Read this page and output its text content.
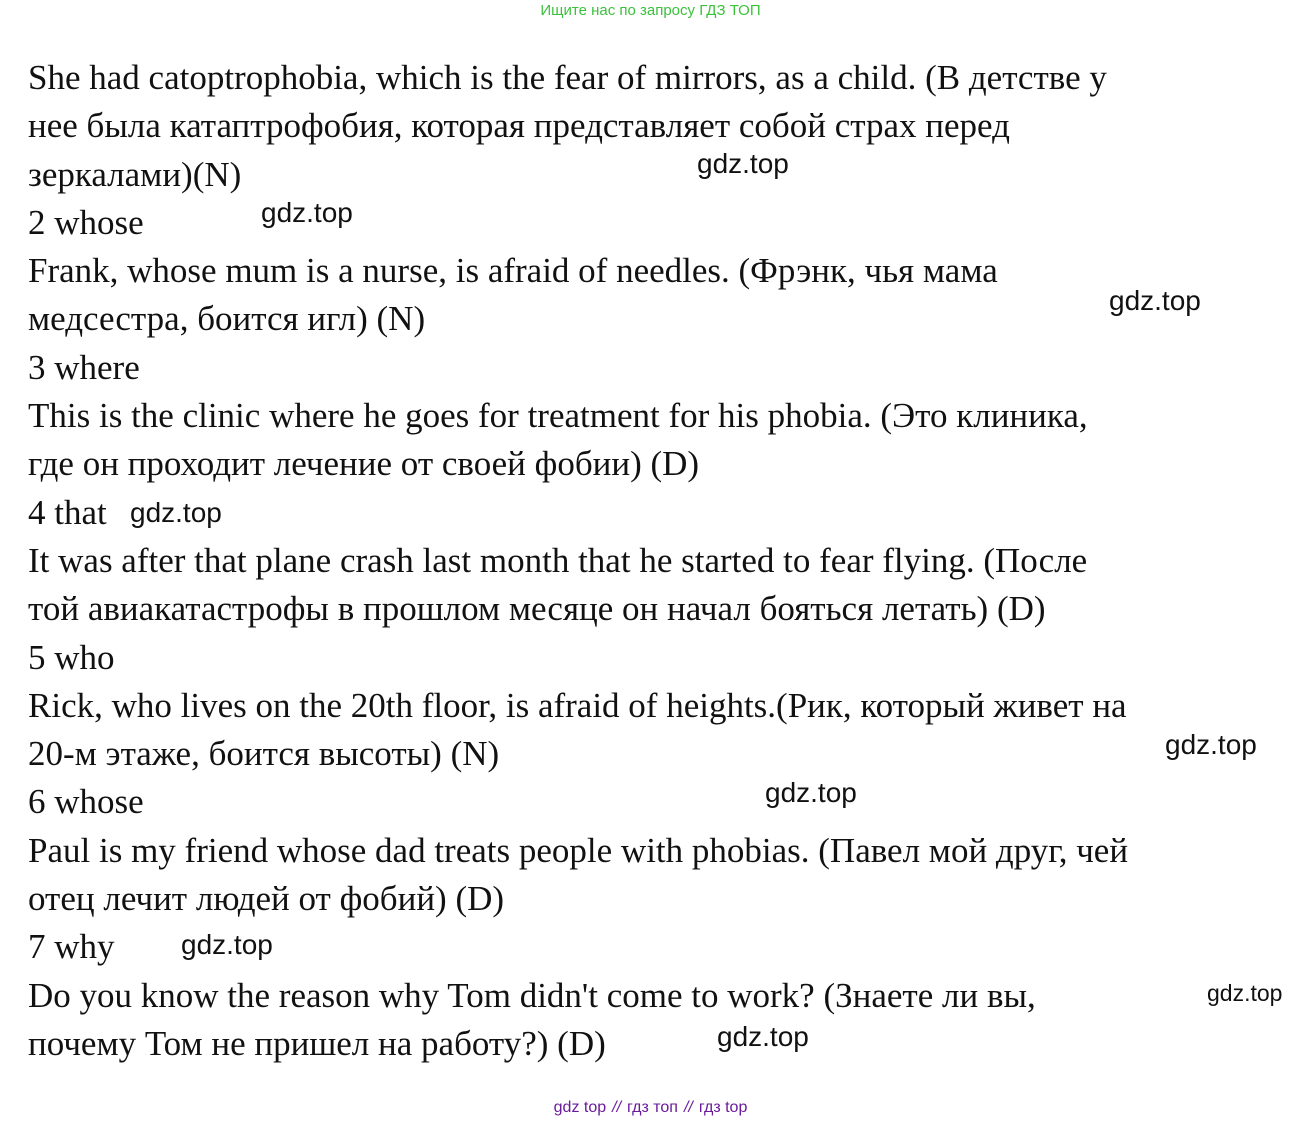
Ищите нас по запросу ГДЗ ТОП
She had catoptrophobia, which is the fear of mirrors, as a child. (В детстве у
нее была катаптрофобия, которая представляет собой страх перед
зеркалами)(N)
2 whose
Frank, whose mum is a nurse, is afraid of needles. (Фрэнк, чья мама
медсестра, боится игл) (N)
3 where
This is the clinic where he goes for treatment for his phobia. (Это клиника,
где он проходит лечение от своей фобии) (D)
4 that
It was after that plane crash last month that he started to fear flying. (После
той авиакатастрофы в прошлом месяце он начал бояться летать) (D)
5 who
Rick, who lives on the 20th floor, is afraid of heights.(Рик, который живет на
20-м этаже, боится высоты) (N)
6 whose
Paul is my friend whose dad treats people with phobias. (Павел мой друг, чей
отец лечит людей от фобий) (D)
7 why
Do you know the reason why Tom didn't come to work? (Знаете ли вы,
почему Том не пришел на работу?) (D)
gdz.top
gdz.top
gdz.top
gdz.top
gdz.top
gdz.top
gdz.top
gdz.top
gdz.top
gdz top // гдз топ // гдз top
